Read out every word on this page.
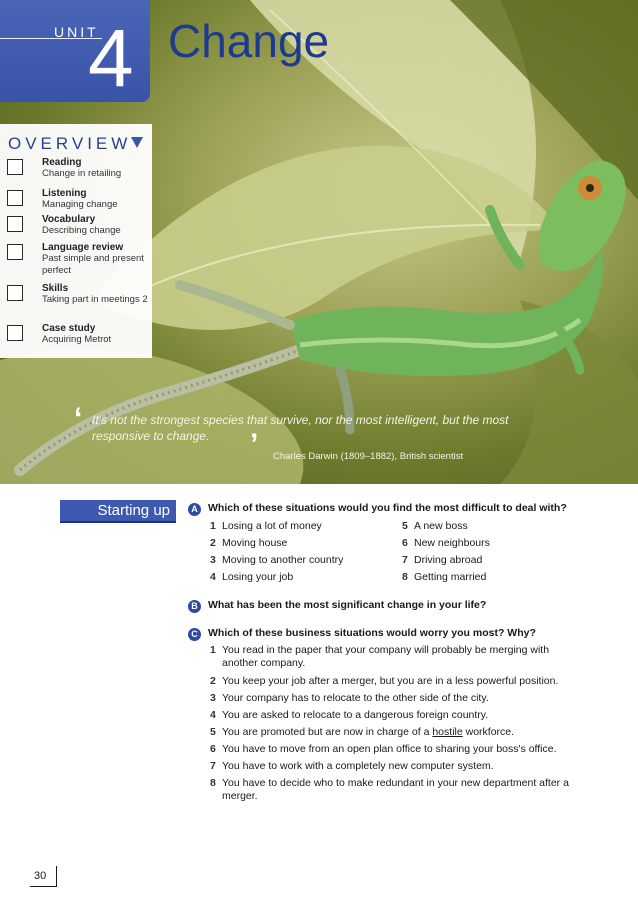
UNIT
4 Change
OVERVIEW
Reading
Change in retailing
Listening
Managing change
Vocabulary
Describing change
Language review
Past simple and present perfect
Skills
Taking part in meetings 2
Case study
Acquiring Metrot
‘ It's not the strongest species that survive, nor the most intelligent, but the most responsive to change.	’ Charles Darwin (1809–1882), British scientist
Starting up	A Which of these situations would you find the most difficult to deal with?
1 Losing a lot of money
2 Moving house
3 Moving to another country
4 Losing your job
5 A new boss
6 New neighbours
7 Driving abroad
8 Getting married
B What has been the most significant change in your life?
C Which of these business situations would worry you most? Why?
1 You read in the paper that your company will probably be merging with another company.
2 You keep your job after a merger, but you are in a less powerful position.
3 Your company has to relocate to the other side of the city.
4 You are asked to relocate to a dangerous foreign country.
5 You are promoted but are now in charge of a hostile workforce.
6 You have to move from an open plan office to sharing your boss's office.
7 You have to work with a completely new computer system.
8 You have to decide who to make redundant in your new department after a merger.
30
